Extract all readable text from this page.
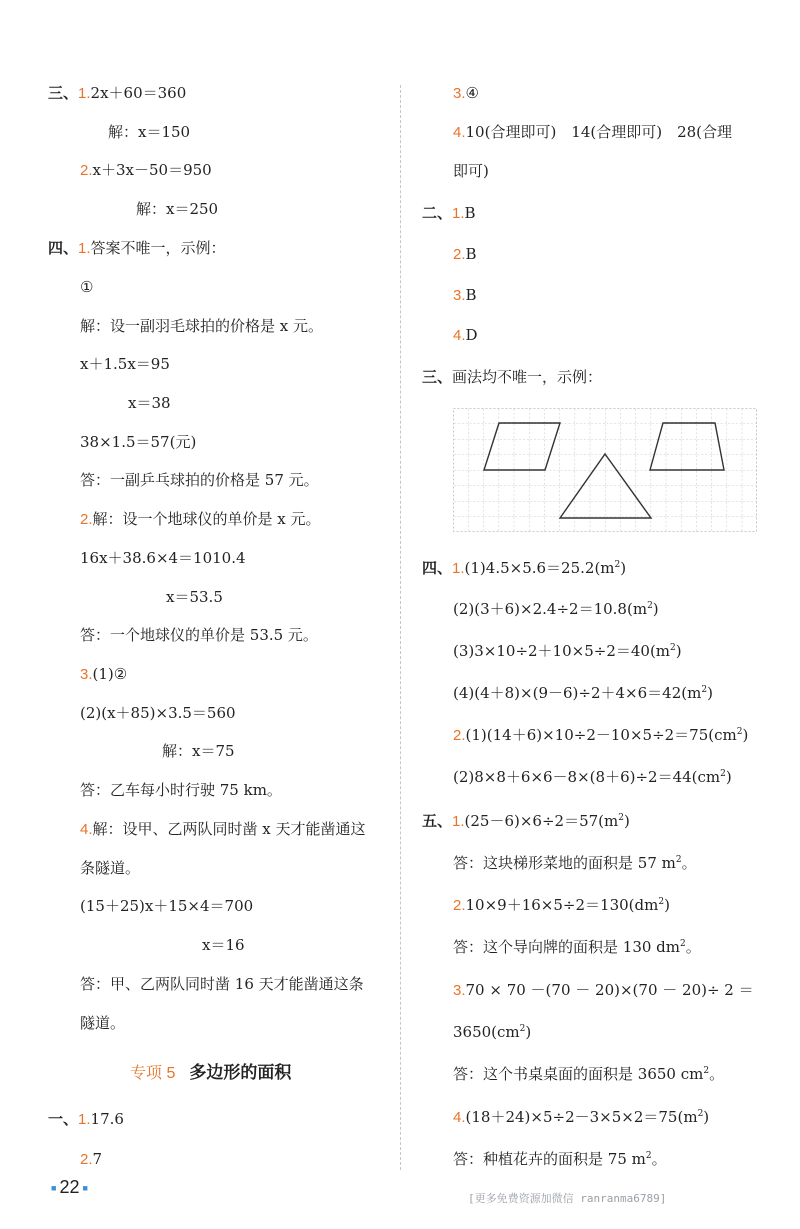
三、1.2x＋60＝360
解：x＝150
2.x＋3x－50＝950
解：x＝250
四、1.答案不唯一，示例：
①
解：设一副羽毛球拍的价格是 x 元。
x＋1.5x＝95
x＝38
38×1.5＝57(元)
答：一副乒乓球拍的价格是 57 元。
2.解：设一个地球仪的单价是 x 元。
16x＋38.6×4＝1010.4
x＝53.5
答：一个地球仪的单价是 53.5 元。
3.(1)②
(2)(x＋85)×3.5＝560
解：x＝75
答：乙车每小时行驶 75 km。
4.解：设甲、乙两队同时凿 x 天才能凿通这
条隧道。
(15＋25)x＋15×4＝700
x＝16
答：甲、乙两队同时凿 16 天才能凿通这条
隧道。
专项 5 多边形的面积
一、1.17.6
2.7
3.④
4.10(合理即可)　14(合理即可)　28(合理
即可)
二、1.B
2.B
3.B
4.D
三、画法均不唯一，示例：
四、$1.(1)4.5\times 5.6=25.2(m^2)$
$(2)(3+6)\times 2.4\div 2=10.8(m^2)$
$(3)3\times 10\div 2+10\times 5\div 2=40(m^2)$
$(4)(4+8)\times(9-6)\div 2+4\times 6=42(m^2)$
$2.(1)(14+6)\times 10\div 2-10\times 5\div 2=75(cm^2)$
$(2)8\times 8+6\times 6-8\times(8+6)\div 2=44(cm^2)$
五、$1.(25-6)\times 6\div 2=57(m^2)$
答：这块梯形菜地的面积是 57 $m^2$。
$2.10\times 9+16\times 5\div 2=130(dm^2)$
答：这个导向牌的面积是 130 $dm^2$。
3.70 × 70 －(70 － 20)×(70 － 20)÷ 2 ＝
$3650(cm^2)$
答：这个书桌桌面的面积是 3650 $cm^2$。
$4.(18+24)\times 5\div 2-3\times 5\times 2=75(m^2)$
答：种植花卉的面积是 75 $m^2$。
■ 22 ■
[更多免费资源加微信 ranranma6789]
